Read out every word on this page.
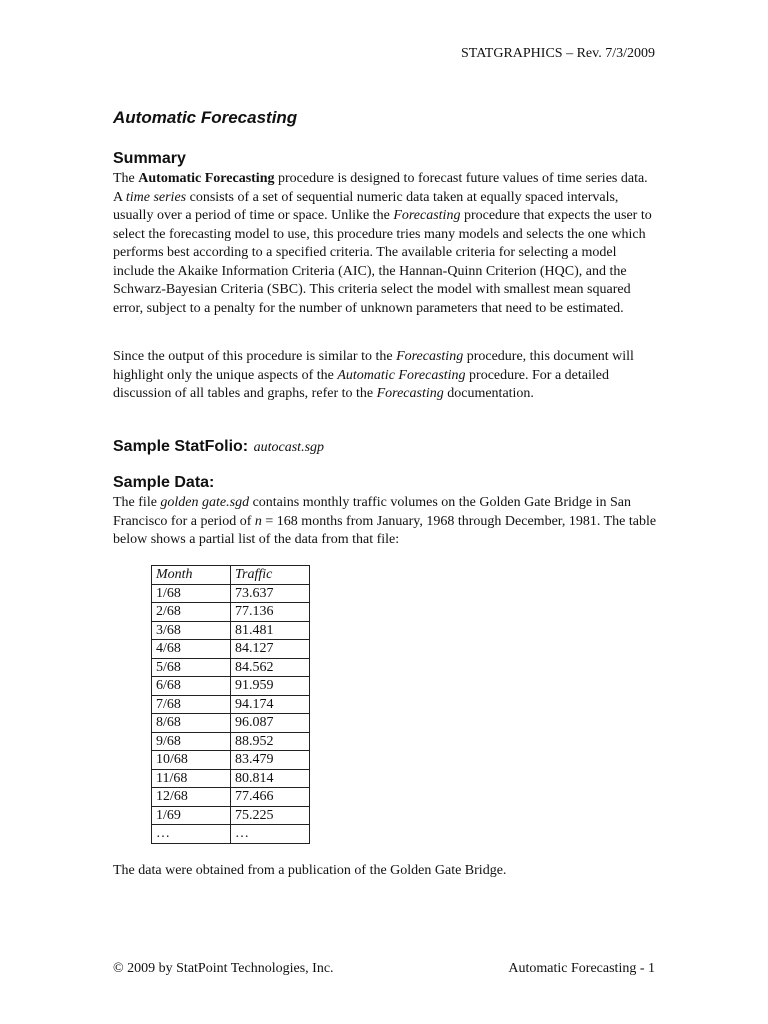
STATGRAPHICS – Rev. 7/3/2009
Automatic Forecasting
Summary

The Automatic Forecasting procedure is designed to forecast future values of time series data. A time series consists of a set of sequential numeric data taken at equally spaced intervals, usually over a period of time or space. Unlike the Forecasting procedure that expects the user to select the forecasting model to use, this procedure tries many models and selects the one which performs best according to a specified criteria. The available criteria for selecting a model include the Akaike Information Criteria (AIC), the Hannan-Quinn Criterion (HQC), and the Schwarz-Bayesian Criteria (SBC). This criteria select the model with smallest mean squared error, subject to a penalty for the number of unknown parameters that need to be estimated.

Since the output of this procedure is similar to the Forecasting procedure, this document will highlight only the unique aspects of the Automatic Forecasting procedure. For a detailed discussion of all tables and graphs, refer to the Forecasting documentation.

Sample StatFolio: autocast.sgp
Sample Data:

The file golden gate.sgd contains monthly traffic volumes on the Golden Gate Bridge in San Francisco for a period of n = 168 months from January, 1968 through December, 1981. The table below shows a partial list of the data from that file:

Month	Traffic
1/68	73.637
2/68	77.136
3/68	81.481
4/68	84.127
5/68	84.562
6/68	91.959
7/68	94.174
8/68	96.087
9/68	88.952
10/68	83.479
11/68	80.814
12/68	77.466
1/69	75.225
…	…

The data were obtained from a publication of the Golden Gate Bridge.

© 2009 by StatPoint Technologies, Inc.	Automatic Forecasting - 1
